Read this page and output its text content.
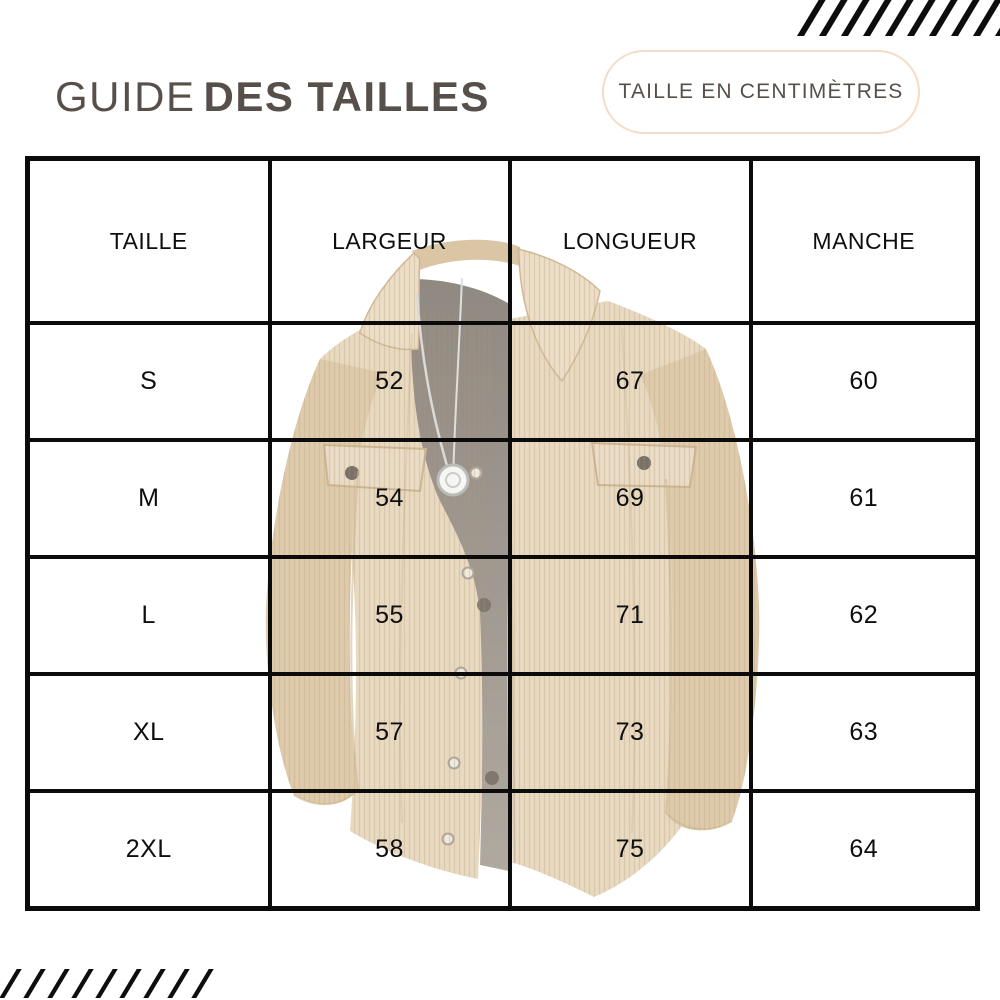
GUIDE DES TAILLES	TAILLE EN CENTIMÈTRES
TAILLE	LARGEUR	LONGUEUR	MANCHE
S	52	67	60
M	54	69	61
L	55	71	62
XL	57	73	63
2XL	58	75	64
